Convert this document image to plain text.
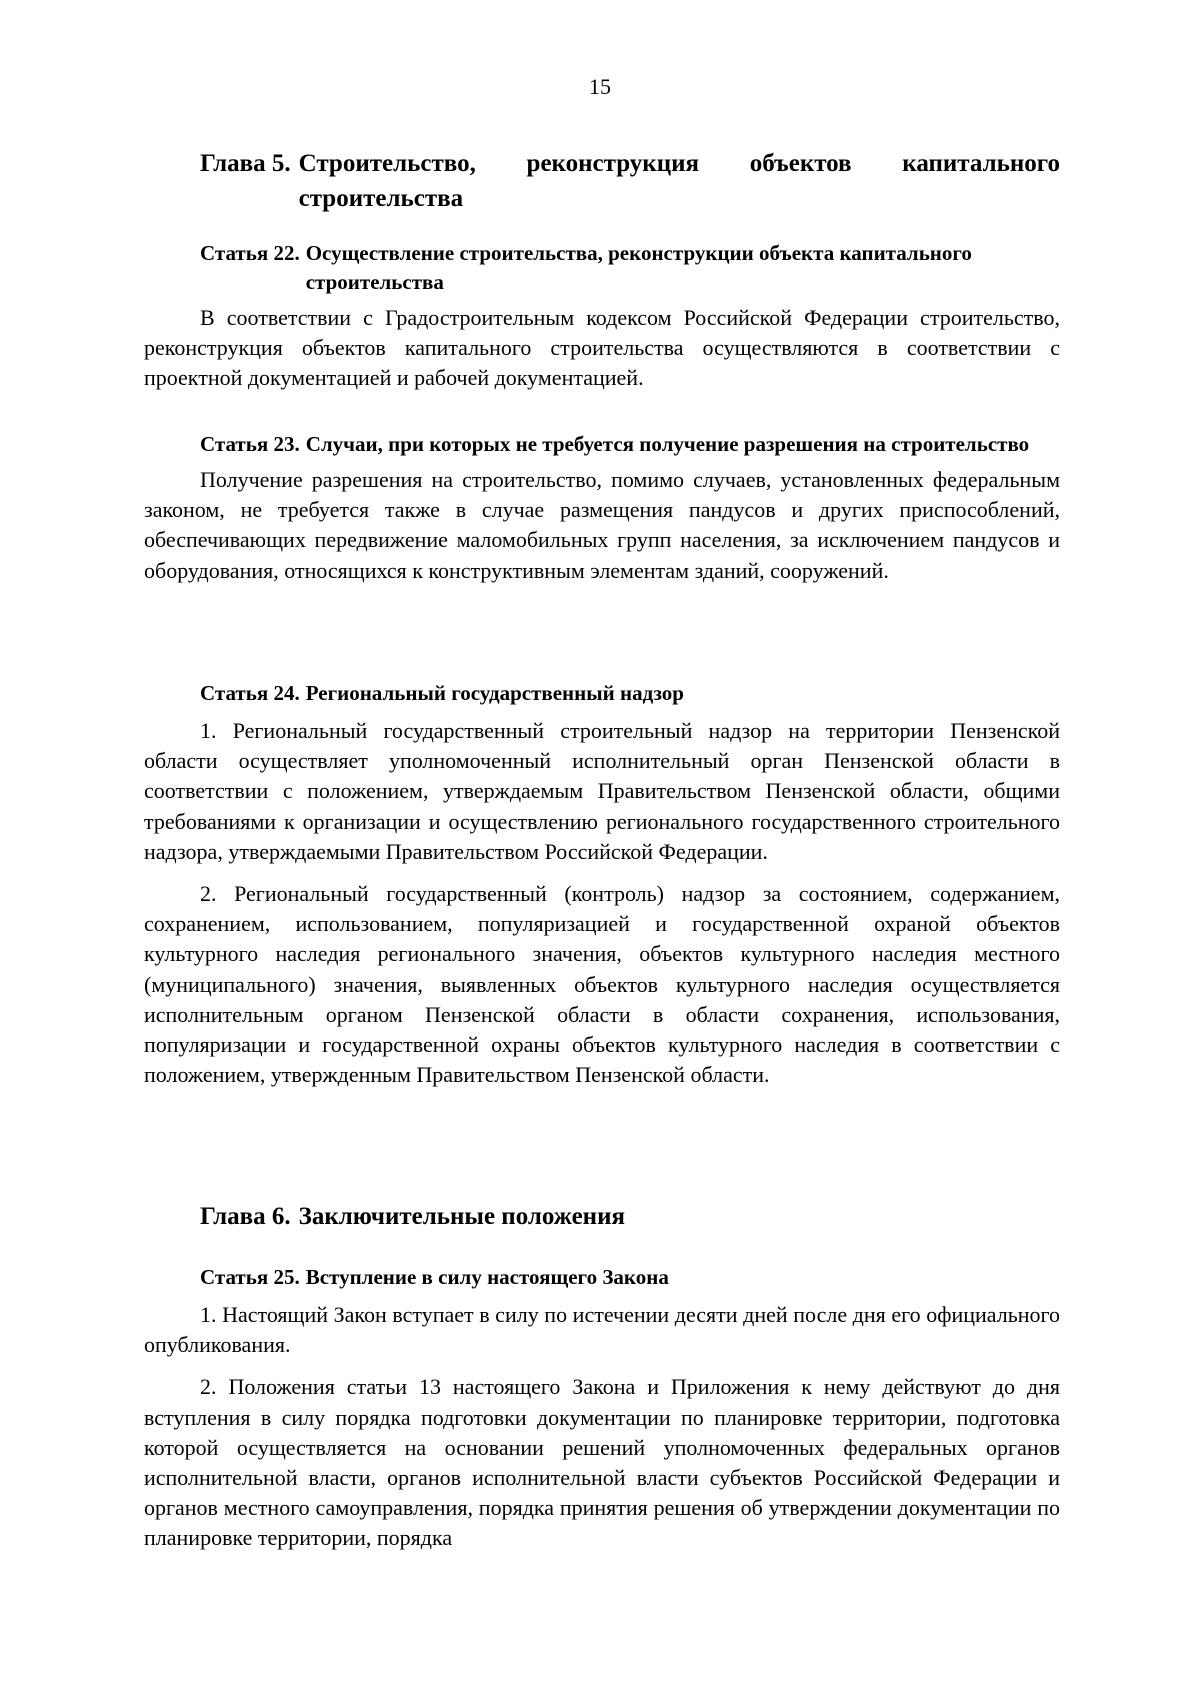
15
Глава 5. Строительство, реконструкция объектов капитального строительства
Статья 22. Осуществление строительства, реконструкции объекта капитального строительства

В соответствии с Градостроительным кодексом Российской Федерации строительство, реконструкция объектов капитального строительства осуществляются в соответствии с проектной документацией и рабочей документацией.

Статья 23. Случаи, при которых не требуется получение разрешения на строительство

Получение разрешения на строительство, помимо случаев, установленных федеральным законом, не требуется также в случае размещения пандусов и других приспособлений, обеспечивающих передвижение маломобильных групп населения, за исключением пандусов и оборудования, относящихся к конструктивным элементам зданий, сооружений.

Статья 24. Региональный государственный надзор

1. Региональный государственный строительный надзор на территории Пензенской области осуществляет уполномоченный исполнительный орган Пензенской области в соответствии с положением, утверждаемым Правительством Пензенской области, общими требованиями к организации и осуществлению регионального государственного строительного надзора, утверждаемыми Правительством Российской Федерации.

2. Региональный государственный (контроль) надзор за состоянием, содержанием, сохранением, использованием, популяризацией и государственной охраной объектов культурного наследия регионального значения, объектов культурного наследия местного (муниципального) значения, выявленных объектов культурного наследия осуществляется исполнительным органом Пензенской области в области сохранения, использования, популяризации и государственной охраны объектов культурного наследия в соответствии с положением, утвержденным Правительством Пензенской области.

Глава 6. Заключительные положения
Статья 25. Вступление в силу настоящего Закона

1. Настоящий Закон вступает в силу по истечении десяти дней после дня его официального опубликования.

2. Положения статьи 13 настоящего Закона и Приложения к нему действуют до дня вступления в силу порядка подготовки документации по планировке территории, подготовка которой осуществляется на основании решений уполномоченных федеральных органов исполнительной власти, органов исполнительной власти субъектов Российской Федерации и органов местного самоуправления, порядка принятия решения об утверждении документации по планировке территории, порядка
